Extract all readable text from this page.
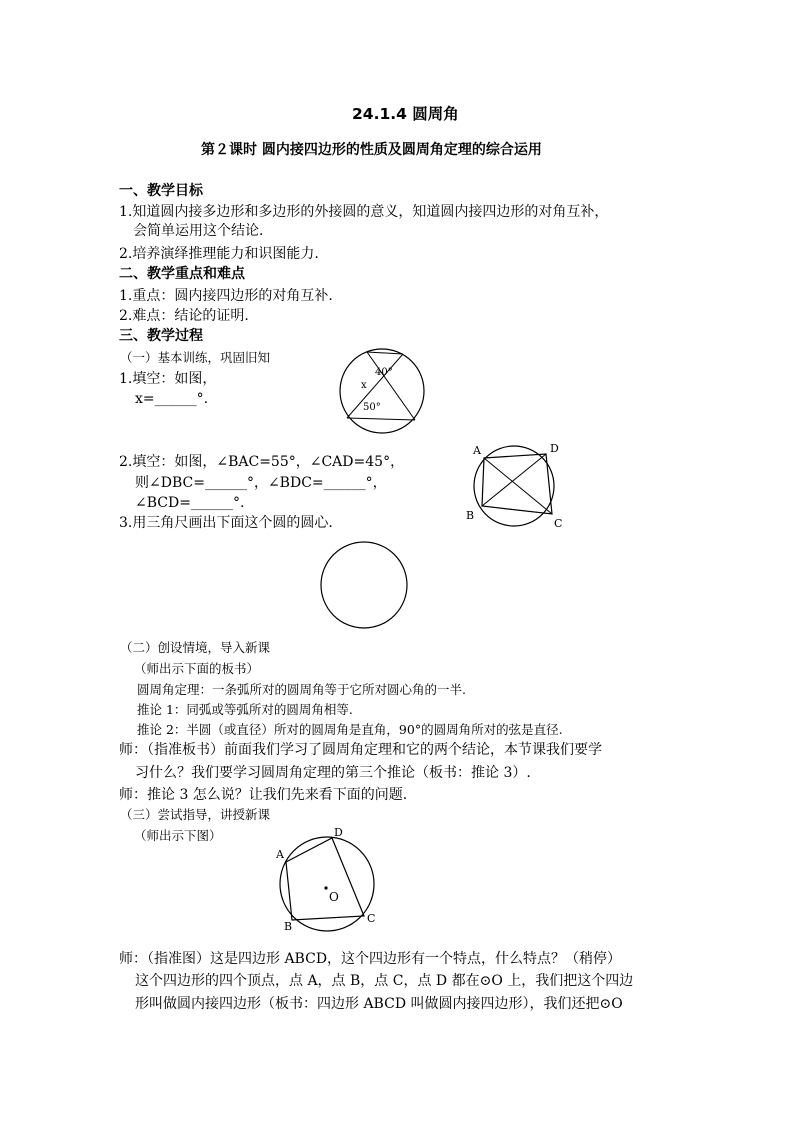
24.1.4 圆周角
第２课时 圆内接四边形的性质及圆周角定理的综合运用
一、教学目标
1.知道圆内接多边形和多边形的外接圆的意义，知道圆内接四边形的对角互补，
会简单运用这个结论.
2.培养演绎推理能力和识图能力.
二、教学重点和难点
1.重点：圆内接四边形的对角互补.
2.难点：结论的证明.
三、教学过程
（一）基本训练，巩固旧知
1.填空：如图，
x=______°.
40°
50°
x
2.填空：如图，∠BAC=55°，∠CAD=45°，
则∠DBC=______°，∠BDC=______°，
∠BCD=______°.
A	D
B
C
3.用三角尺画出下面这个圆的圆心.
（二）创设情境，导入新课
（师出示下面的板书）
圆周角定理：一条弧所对的圆周角等于它所对圆心角的一半.
推论 1：同弧或等弧所对的圆周角相等.
推论 2：半圆（或直径）所对的圆周角是直角，90°的圆周角所对的弦是直径.
师：（指准板书）前面我们学习了圆周角定理和它的两个结论，本节课我们要学
习什么？我们要学习圆周角定理的第三个推论（板书：推论 3）.
师：推论 3 怎么说？让我们先来看下面的问题.
（三）尝试指导，讲授新课
（师出示下图）
O
A
D
B
C
师：（指准图）这是四边形 ABCD，这个四边形有一个特点，什么特点？（稍停）
这个四边形的四个顶点，点 A，点 B，点 C，点 D 都在⊙O 上，我们把这个四边
形叫做圆内接四边形（板书：四边形 ABCD 叫做圆内接四边形），我们还把⊙O
